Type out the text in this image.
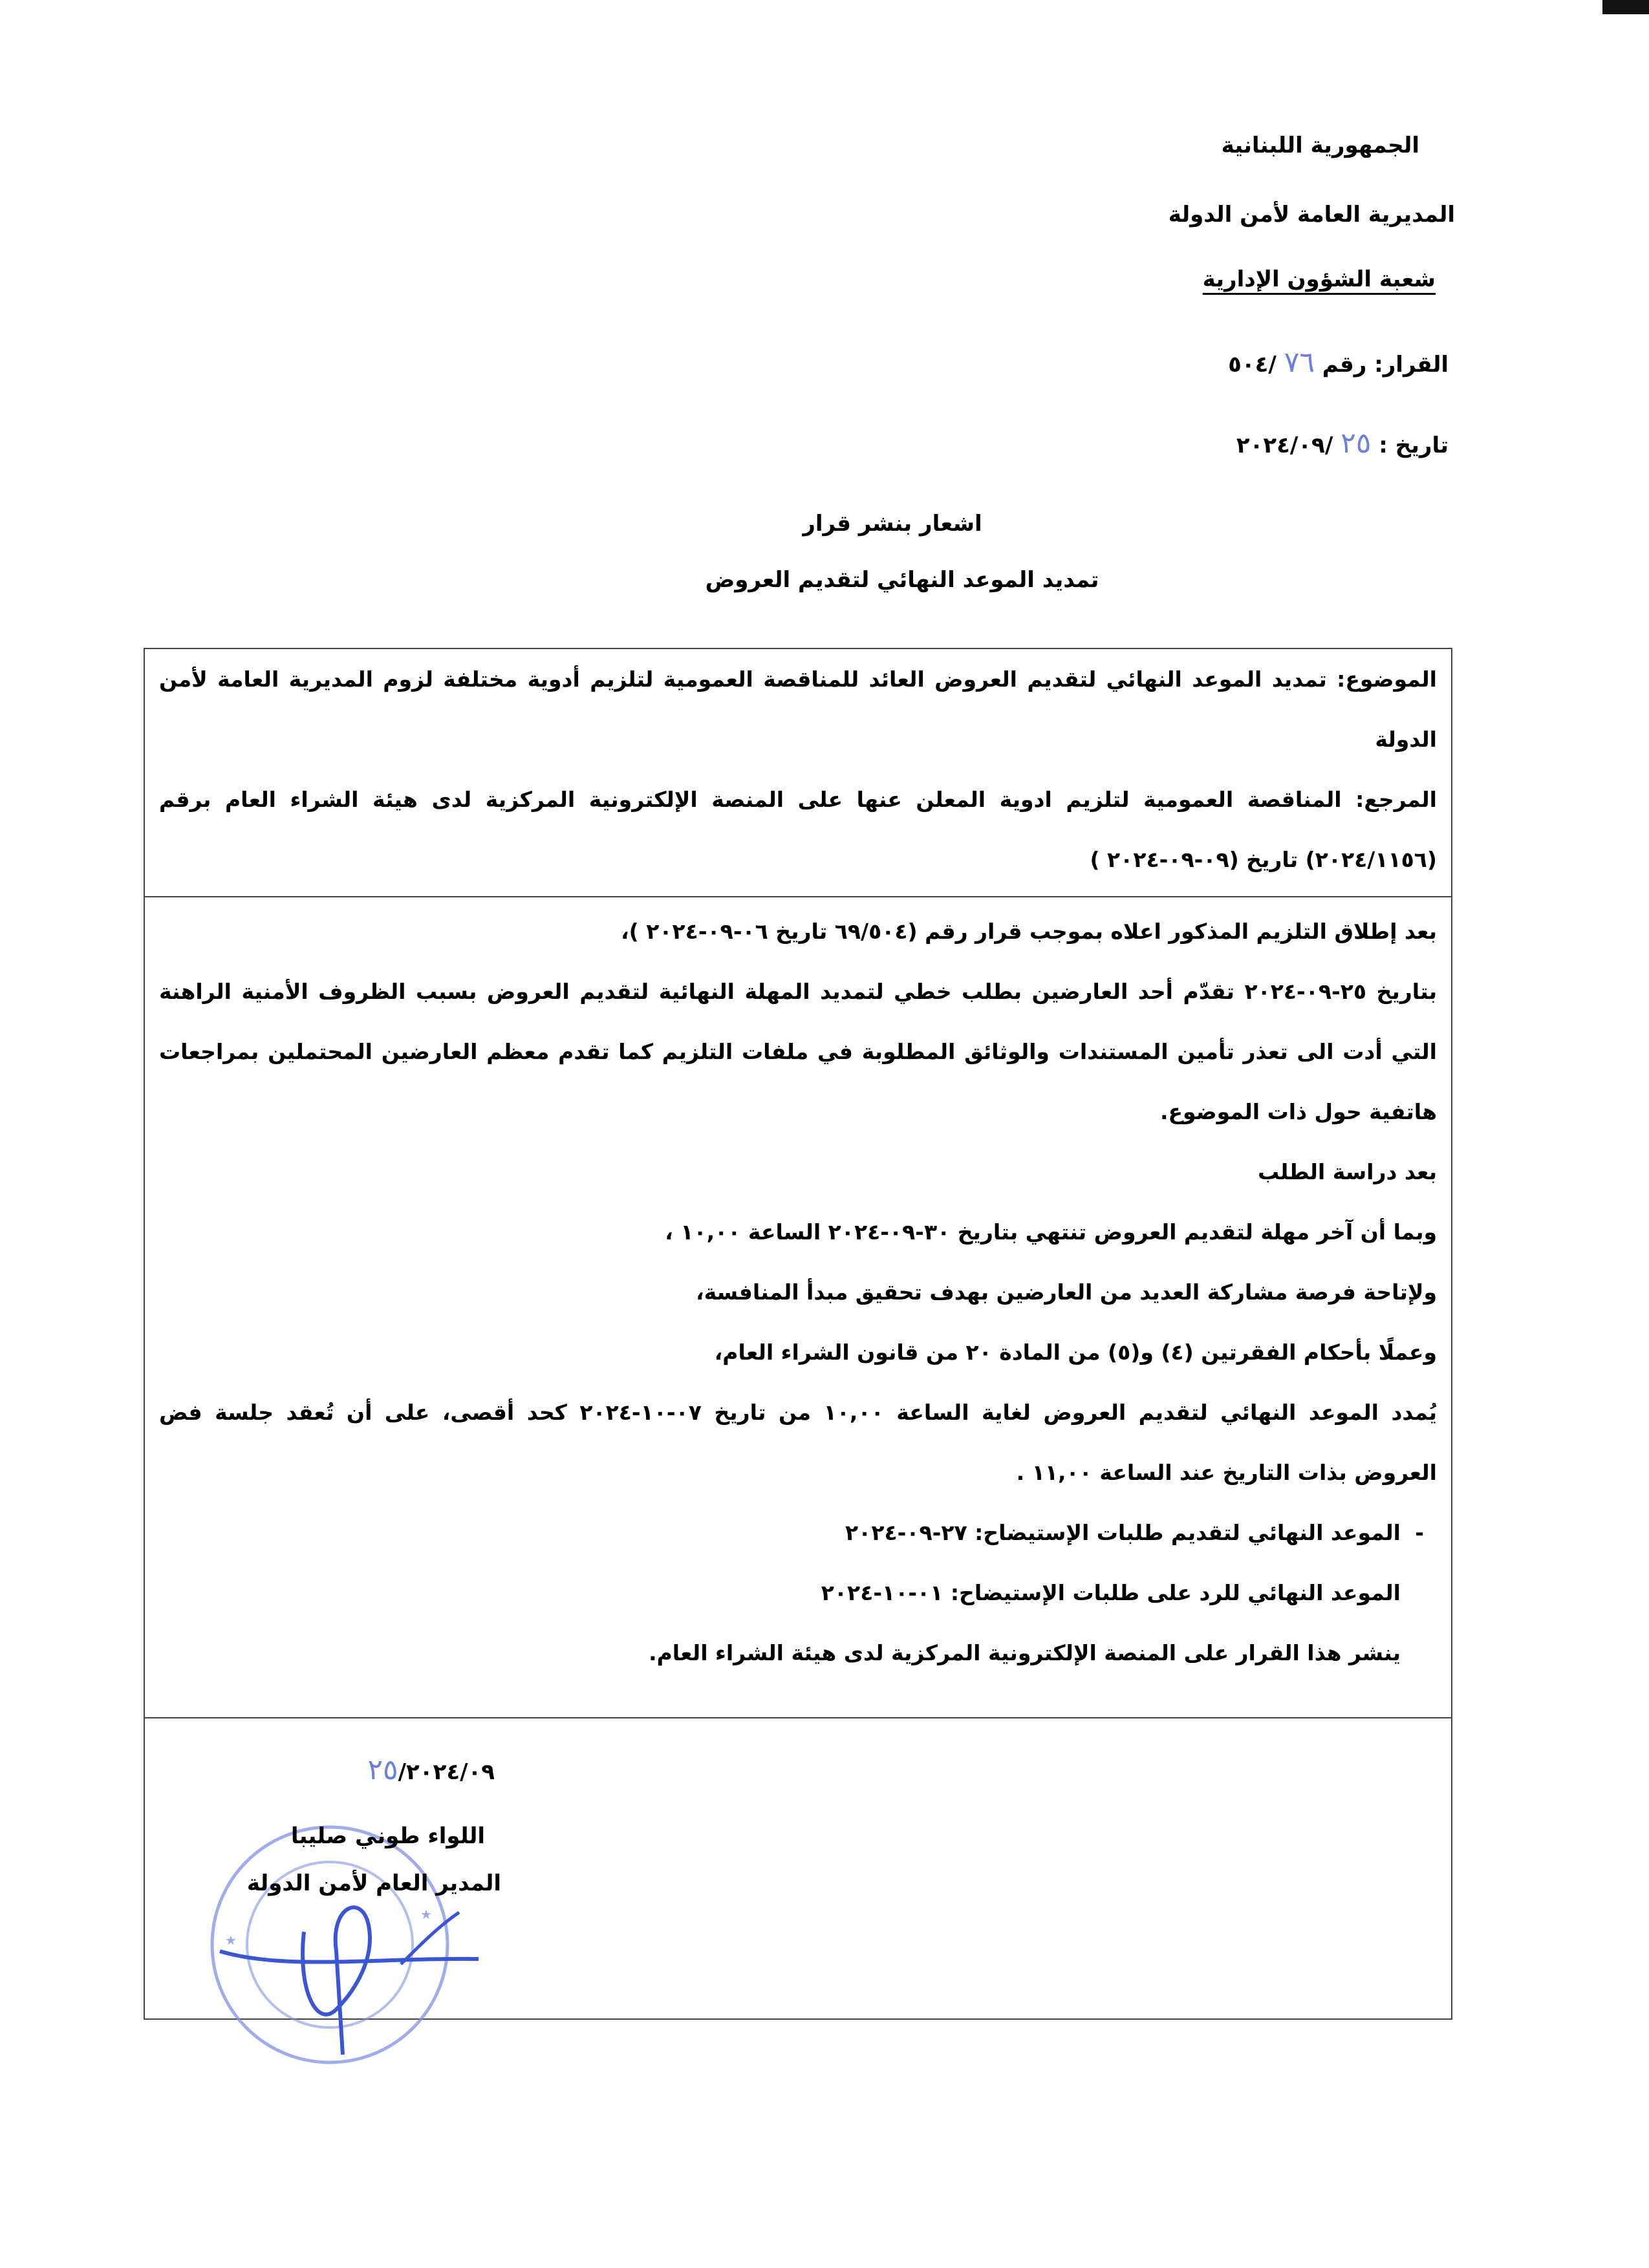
الجمهورية اللبنانية
المديرية العامة لأمن الدولة
شعبة الشؤون الإدارية
القرار: رقم ٧٦ /٥٠٤
تاريخ : ٢٥ /٢٠٢٤/٠٩
اشعار بنشر قرار
تمديد الموعد النهائي لتقديم العروض

الموضوع: تمديد الموعد النهائي لتقديم العروض العائد للمناقصة العمومية لتلزيم أدوية مختلفة لزوم المديرية العامة لأمن الدولة

المرجع: المناقصة العمومية لتلزيم ادوية المعلن عنها على المنصة الإلكترونية المركزية لدى هيئة الشراء العام برقم (٢٠٢٤/١١٥٦) تاريخ (٠٩-٠٩-٢٠٢٤ )

بعد إطلاق التلزيم المذكور اعلاه بموجب قرار رقم (٦٩/٥٠٤ تاريخ ٠٦-٠٩-٢٠٢٤ )،

بتاريخ ٢٥-٠٩-٢٠٢٤ تقدّم أحد العارضين بطلب خطي لتمديد المهلة النهائية لتقديم العروض بسبب الظروف الأمنية الراهنة التي أدت الى تعذر تأمين المستندات والوثائق المطلوبة في ملفات التلزيم كما تقدم معظم العارضين المحتملين بمراجعات هاتفية حول ذات الموضوع.

بعد دراسة الطلب

وبما أن آخر مهلة لتقديم العروض تنتهي بتاريخ ٣٠-٠٩-٢٠٢٤ الساعة ١٠,٠٠ ،

ولإتاحة فرصة مشاركة العديد من العارضين بهدف تحقيق مبدأ المنافسة،

وعملًا بأحكام الفقرتين (٤) و(٥) من المادة ٢٠ من قانون الشراء العام،

يُمدد الموعد النهائي لتقديم العروض لغاية الساعة ١٠,٠٠ من تاريخ ٠٧-١٠-٢٠٢٤ كحد أقصى، على أن تُعقد جلسة فض العروض بذات التاريخ عند الساعة ١١,٠٠ .

-
الموعد النهائي لتقديم طلبات الإستيضاح: ٢٧-٠٩-٢٠٢٤

الموعد النهائي للرد على طلبات الإستيضاح: ٠١-١٠-٢٠٢٤

ينشر هذا القرار على المنصة الإلكترونية المركزية لدى هيئة الشراء العام.

★
★
٢٥/٢٠٢٤/٠٩
اللواء طوني صليبا
المدير العام لأمن الدولة
